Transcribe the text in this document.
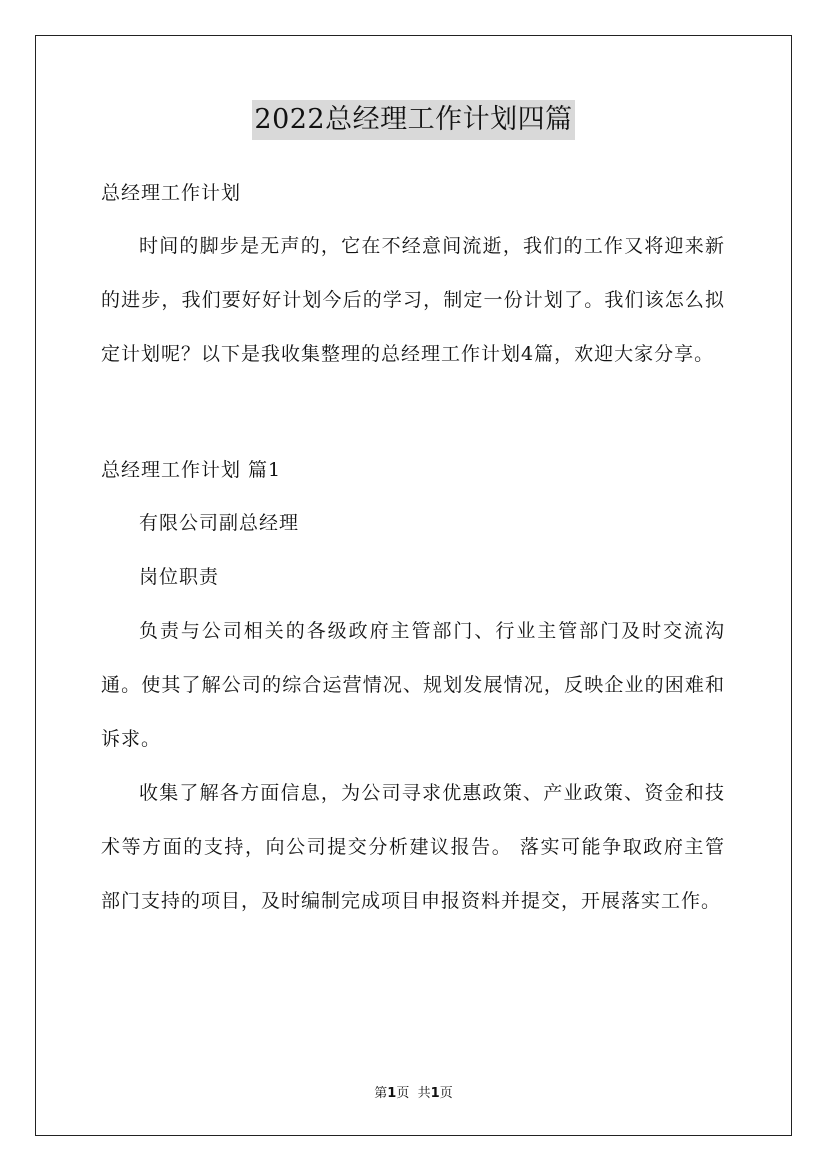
2022总经理工作计划四篇

总经理工作计划

时间的脚步是无声的，它在不经意间流逝，我们的工作又将迎来新的进步，我们要好好计划今后的学习，制定一份计划了。我们该怎么拟定计划呢？以下是我收集整理的总经理工作计划4篇，欢迎大家分享。

总经理工作计划 篇1

有限公司副总经理

岗位职责

负责与公司相关的各级政府主管部门、行业主管部门及时交流沟通。使其了解公司的综合运营情况、规划发展情况，反映企业的困难和诉求。

收集了解各方面信息，为公司寻求优惠政策、产业政策、资金和技术等方面的支持，向公司提交分析建议报告。 落实可能争取政府主管部门支持的项目，及时编制完成项目申报资料并提交，开展落实工作。

第1页 共1页
